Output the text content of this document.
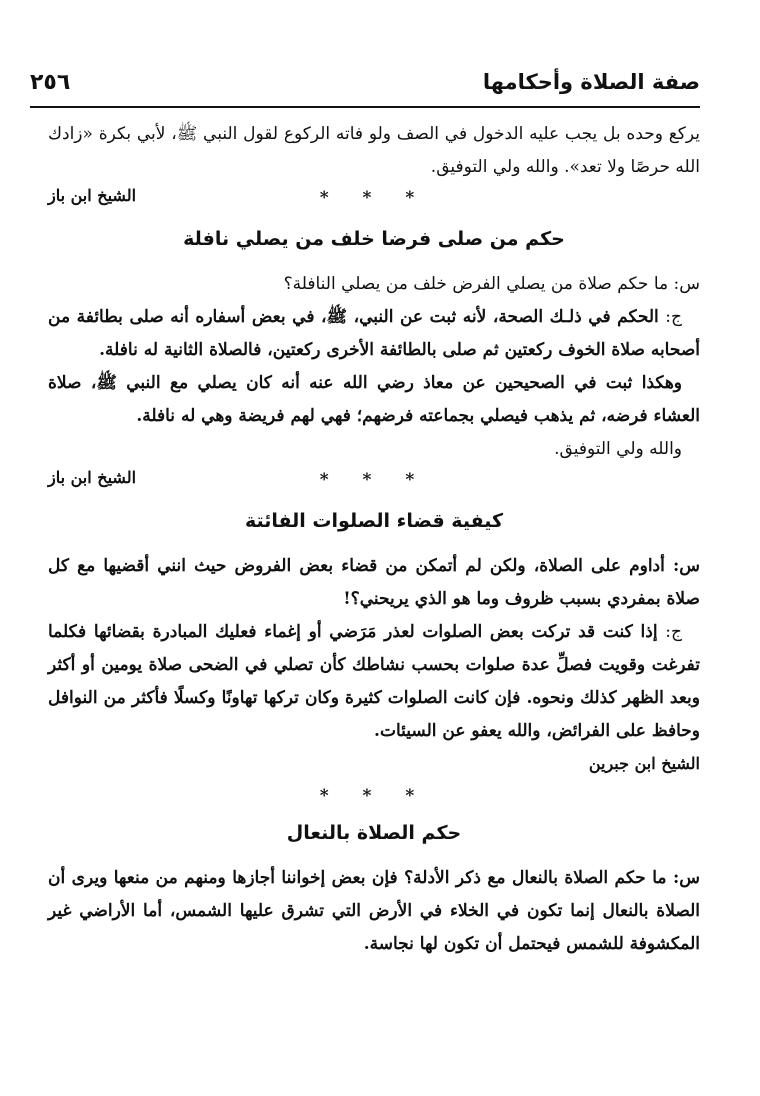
صفة الصلاة وأحكامها
٢٥٦

يركع وحده بل يجب عليه الدخول في الصف ولو فاته الركوع لقول النبي ﷺ، لأبي بكرة «زادك الله حرصًا ولا تعد». والله ولي التوفيق.

* * *
الشيخ ابن باز
حكم من صلى فرضا خلف من يصلي نافلة

س: ما حكم صلاة من يصلي الفرض خلف من يصلي النافلة؟

ج: الحكم في ذلـك الصحة، لأنه ثبت عن النبي، ﷺ، في بعض أسفاره أنه صلى بطائفة من أصحابه صلاة الخوف ركعتين ثم صلى بالطائفة الأخرى ركعتين، فالصلاة الثانية له نافلة.

وهكذا ثبت في الصحيحين عن معاذ رضي الله عنه أنه كان يصلي مع النبي ﷺ، صلاة العشاء فرضه، ثم يذهب فيصلي بجماعته فرضهم؛ فهي لهم فريضة وهي له نافلة.

والله ولي التوفيق.

* * *
الشيخ ابن باز
كيفية قضاء الصلوات الفائتة

س: أداوم على الصلاة، ولكن لم أتمكن من قضاء بعض الفروض حيث انني أقضيها مع كل صلاة بمفردي بسبب ظروف وما هو الذي يريحني؟!

ج: إذا كنت قد تركت بعض الصلوات لعذر مَرَضي أو إغماء فعليك المبادرة بقضائها فكلما تفرغت وقويت فصلِّ عدة صلوات بحسب نشاطك كأن تصلي في الضحى صلاة يومين أو أكثر وبعد الظهر كذلك ونحوه. فإن كانت الصلوات كثيرة وكان تركها تهاونًا وكسلًا فأكثر من النوافل وحافظ على الفرائض، والله يعفو عن السيئات.

الشيخ ابن جبرين
* * *
حكم الصلاة بالنعال

س: ما حكم الصلاة بالنعال مع ذكر الأدلة؟ فإن بعض إخواننا أجازها ومنهم من منعها ويرى أن الصلاة بالنعال إنما تكون في الخلاء في الأرض التي تشرق عليها الشمس، أما الأراضي غير المكشوفة للشمس فيحتمل أن تكون لها نجاسة.
